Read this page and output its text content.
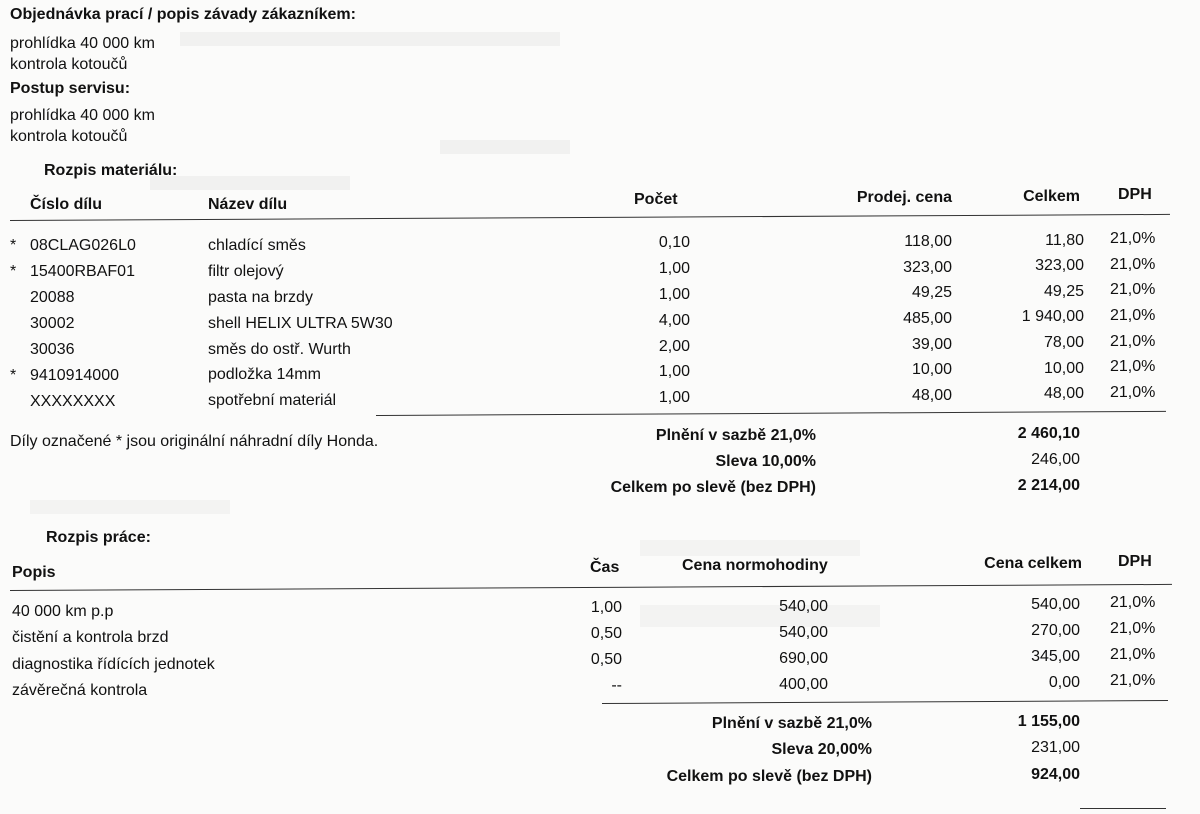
Objednávka prací / popis závady zákazníkem:
prohlídka 40 000 km
kontrola kotoučů
Postup servisu:
prohlídka 40 000 km
kontrola kotoučů
Rozpis materiálu:
Číslo dílu	Název dílu	Počet	Prodej. cena	Celkem DPH
* 08CLAG026L0	chladící směs	0,10	118,00	11,80 21,0%
* 15400RBAF01	filtr olejový	1,00	323,00	323,00 21,0%
20088	pasta na brzdy	1,00	49,25	49,25 21,0%
30002	shell HELIX ULTRA 5W30	4,00	485,00	1 940,00 21,0%
30036	směs do ostř. Wurth	2,00	39,00	78,00 21,0%
* 9410914000	podložka 14mm	1,00	10,00	10,00 21,0%
XXXXXXXX	spotřební materiál	1,00	48,00	48,00 21,0%
Díly označené * jsou originální náhradní díly Honda.	Plnění v sazbě 21,0%	2 460,10
Sleva 10,00%	246,00
Celkem po slevě (bez DPH)	2 214,00
Rozpis práce:
Popis	Čas	Cena normohodiny	Cena celkem DPH
40 000 km p.p	1,00	540,00	540,00 21,0%
čistění a kontrola brzd	0,50	540,00	270,00 21,0%
diagnostika řídících jednotek	0,50	690,00	345,00 21,0%
závěrečná kontrola	--	400,00	0,00 21,0%
Plnění v sazbě 21,0%	1 155,00
Sleva 20,00%	231,00
Celkem po slevě (bez DPH)	924,00
